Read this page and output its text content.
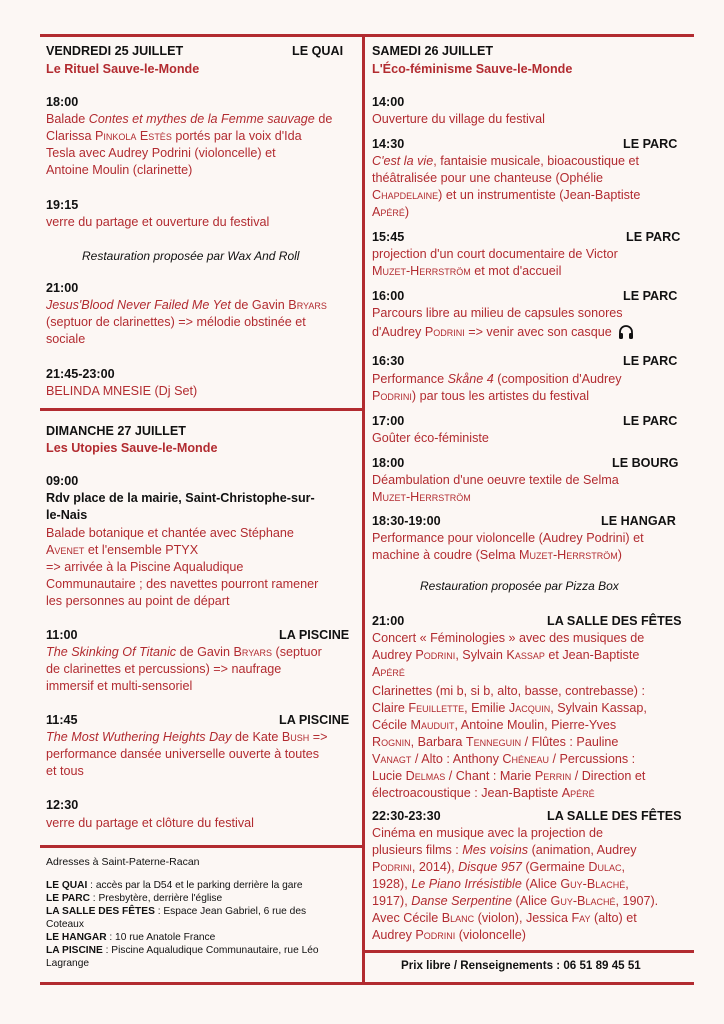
VENDREDI 25 JUILLET	LE QUAI
Le Rituel Sauve-le-Monde
18:00
Balade Contes et mythes de la Femme sauvage de
Clarissa Pinkola Estès portés par la voix d'Ida
Tesla avec Audrey Podrini (violoncelle) et
Antoine Moulin (clarinette)
19:15
verre du partage et ouverture du festival
Restauration proposée par Wax And Roll
21:00
Jesus'Blood Never Failed Me Yet de Gavin Bryars
(septuor de clarinettes) => mélodie obstinée et
sociale
21:45-23:00
BELINDA MNESIE (Dj Set)
DIMANCHE 27 JUILLET
Les Utopies Sauve-le-Monde
09:00
Rdv place de la mairie, Saint-Christophe-sur-
le-Nais
Balade botanique et chantée avec Stéphane
Avenet et l'ensemble PTYX
=> arrivée à la Piscine Aqualudique
Communautaire ; des navettes pourront ramener
les personnes au point de départ
11:00	LA PISCINE
The Skinking Of Titanic de Gavin Bryars (septuor
de clarinettes et percussions) => naufrage
immersif et multi-sensoriel
11:45	LA PISCINE
The Most Wuthering Heights Day de Kate Bush =>
performance dansée universelle ouverte à toutes
et tous
12:30
verre du partage et clôture du festival
Adresses à Saint-Paterne-Racan
LE QUAI : accès par la D54 et le parking derrière la gare
LE PARC : Presbytère, derrière l'église
LA SALLE DES FÊTES : Espace Jean Gabriel, 6 rue des
Coteaux
LE HANGAR : 10 rue Anatole France
LA PISCINE : Piscine Aqualudique Communautaire, rue Léo
Lagrange
SAMEDI 26 JUILLET
L'Éco-féminisme Sauve-le-Monde
14:00
Ouverture du village du festival
14:30	LE PARC
C'est la vie, fantaisie musicale, bioacoustique et
théâtralisée pour une chanteuse (Ophélie
Chapdelaine) et un instrumentiste (Jean-Baptiste
Apéré)
15:45	LE PARC
projection d'un court documentaire de Victor
Muzet-Herrström et mot d'accueil
16:00	LE PARC
Parcours libre au milieu de capsules sonores
d'Audrey Podrini => venir avec son casque
16:30	LE PARC
Performance Skåne 4 (composition d'Audrey
Podrini) par tous les artistes du festival
17:00	LE PARC
Goûter éco-féministe
18:00	LE BOURG
Déambulation d'une oeuvre textile de Selma
Muzet-Herrström
18:30-19:00	LE HANGAR
Performance pour violoncelle (Audrey Podrini) et
machine à coudre (Selma Muzet-Herrström)
Restauration proposée par Pizza Box
21:00	LA SALLE DES FÊTES
Concert « Féminologies » avec des musiques de
Audrey Podrini, Sylvain Kassap et Jean-Baptiste
Apéré
Clarinettes (mi b, si b, alto, basse, contrebasse) :
Claire Feuillette, Emilie Jacquin, Sylvain Kassap,
Cécile Mauduit, Antoine Moulin, Pierre-Yves
Rognin, Barbara Tenneguin / Flûtes : Pauline
Vanagt / Alto : Anthony Chéneau / Percussions :
Lucie Delmas / Chant : Marie Perrin / Direction et
électroacoustique : Jean-Baptiste Apéré
22:30-23:30	LA SALLE DES FÊTES
Cinéma en musique avec la projection de
plusieurs films : Mes voisins (animation, Audrey
Podrini, 2014), Disque 957 (Germaine Dulac,
1928), Le Piano Irrésistible (Alice Guy-Blaché,
1917), Danse Serpentine (Alice Guy-Blaché, 1907).
Avec Cécile Blanc (violon), Jessica Fay (alto) et
Audrey Podrini (violoncelle)
Prix libre / Renseignements : 06 51 89 45 51
